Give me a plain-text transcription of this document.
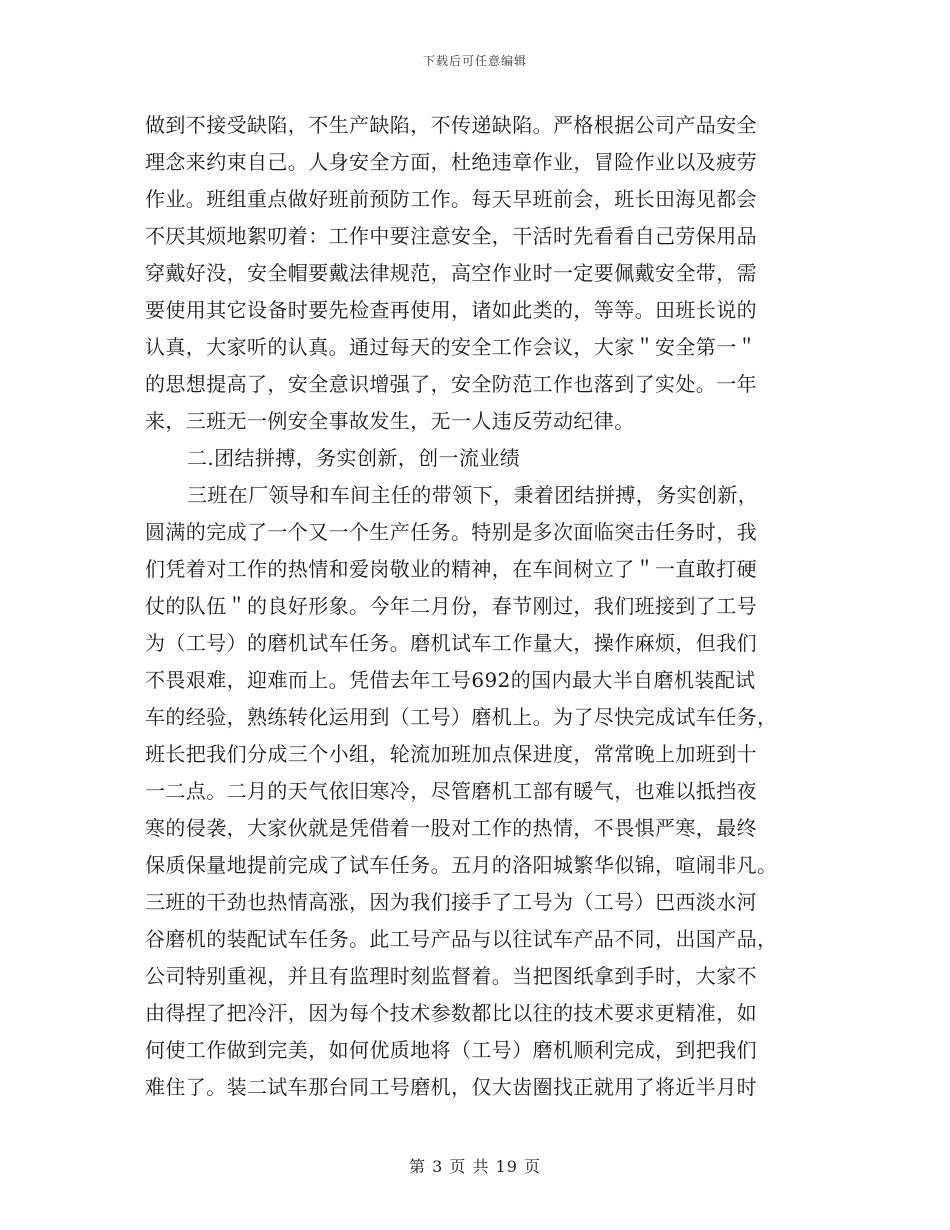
下载后可任意编辑
做到不接受缺陷，不生产缺陷，不传递缺陷。严格根据公司产品安全
理念来约束自己。人身安全方面，杜绝违章作业，冒险作业以及疲劳
作业。班组重点做好班前预防工作。每天早班前会，班长田海见都会
不厌其烦地絮叨着：工作中要注意安全，干活时先看看自己劳保用品
穿戴好没，安全帽要戴法律规范，高空作业时一定要佩戴安全带，需
要使用其它设备时要先检查再使用，诸如此类的，等等。田班长说的
认真，大家听的认真。通过每天的安全工作会议，大家＂安全第一＂
的思想提高了，安全意识增强了，安全防范工作也落到了实处。一年
来，三班无一例安全事故发生，无一人违反劳动纪律。
二.团结拼搏，务实创新，创一流业绩
三班在厂领导和车间主任的带领下，秉着团结拼搏，务实创新，
圆满的完成了一个又一个生产任务。特别是多次面临突击任务时，我
们凭着对工作的热情和爱岗敬业的精神，在车间树立了＂一直敢打硬
仗的队伍＂的良好形象。今年二月份，春节刚过，我们班接到了工号
为（工号）的磨机试车任务。磨机试车工作量大，操作麻烦，但我们
不畏艰难，迎难而上。凭借去年工号692的国内最大半自磨机装配试
车的经验，熟练转化运用到（工号）磨机上。为了尽快完成试车任务，
班长把我们分成三个小组，轮流加班加点保进度，常常晚上加班到十
一二点。二月的天气依旧寒冷，尽管磨机工部有暖气，也难以抵挡夜
寒的侵袭，大家伙就是凭借着一股对工作的热情，不畏惧严寒，最终
保质保量地提前完成了试车任务。五月的洛阳城繁华似锦，喧闹非凡。
三班的干劲也热情高涨，因为我们接手了工号为（工号）巴西淡水河
谷磨机的装配试车任务。此工号产品与以往试车产品不同，出国产品，
公司特别重视，并且有监理时刻监督着。当把图纸拿到手时，大家不
由得捏了把冷汗，因为每个技术参数都比以往的技术要求更精准，如
何使工作做到完美，如何优质地将（工号）磨机顺利完成，到把我们
难住了。装二试车那台同工号磨机，仅大齿圈找正就用了将近半月时
第 3 页 共 19 页
